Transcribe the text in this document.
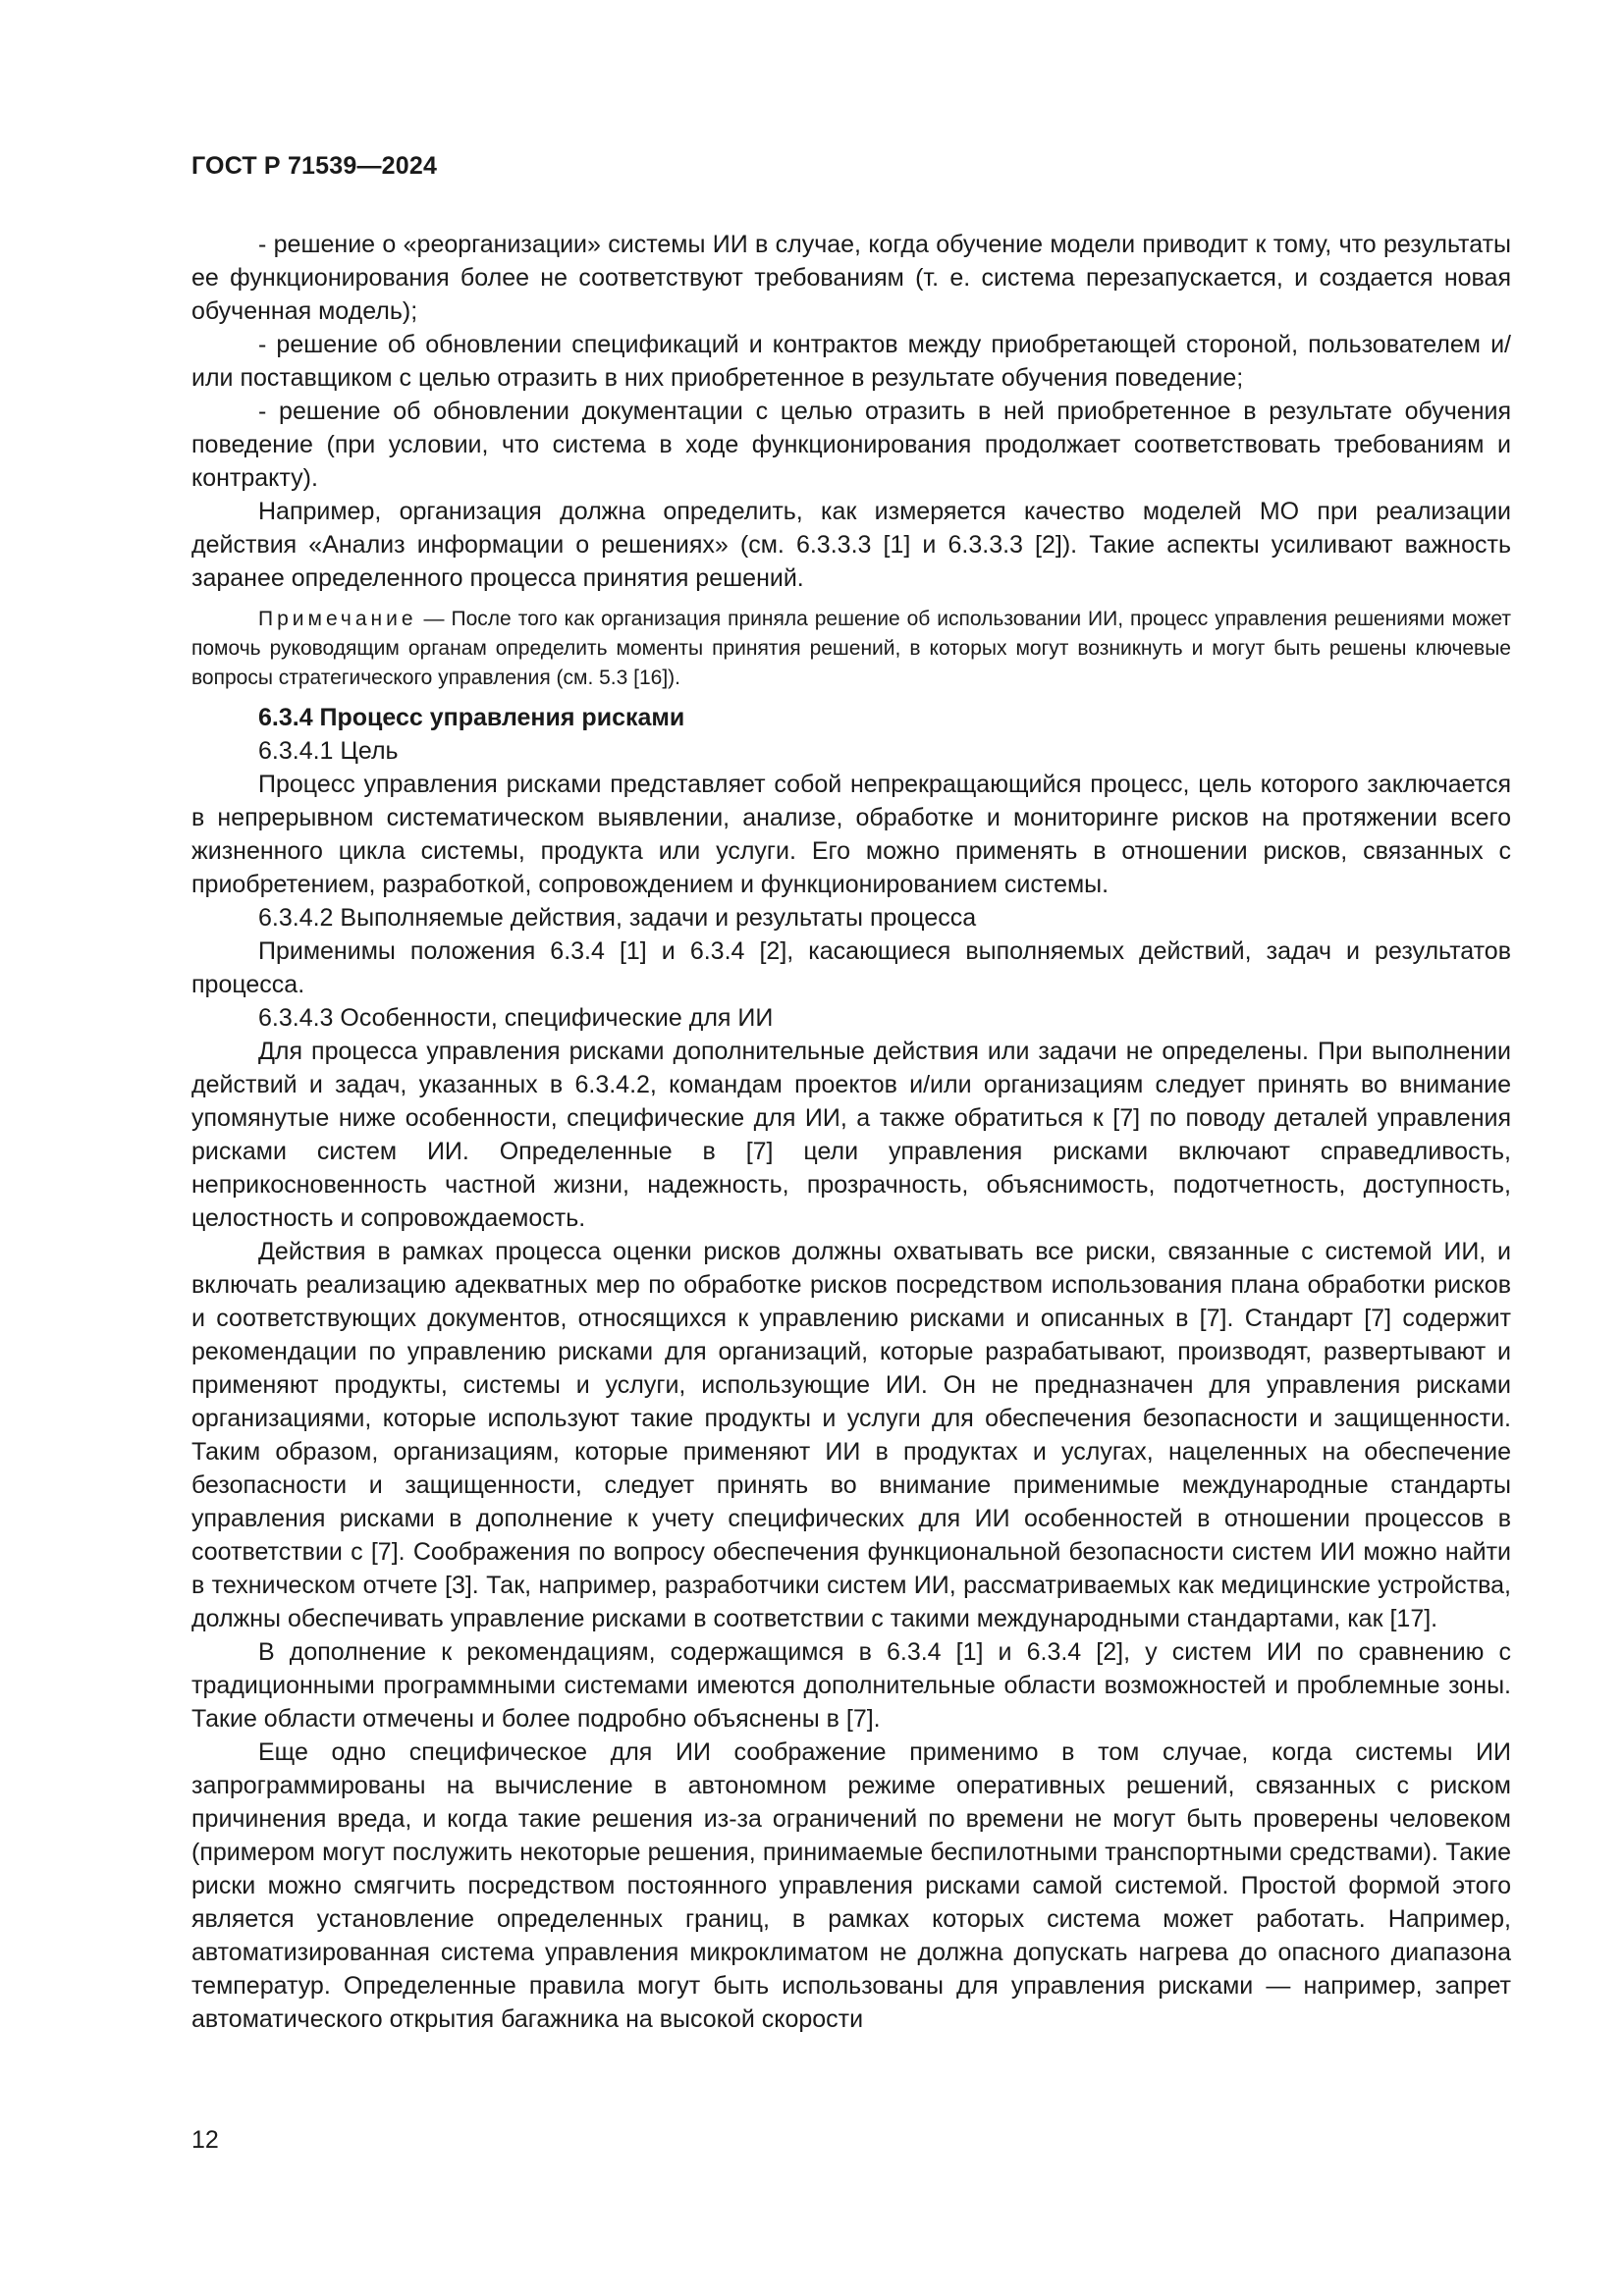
ГОСТ Р 71539—2024

- решение о «реорганизации» системы ИИ в случае, когда обучение модели приводит к тому, что результаты ее функционирования более не соответствуют требованиям (т. е. система перезапускается, и создается новая обученная модель);

- решение об обновлении спецификаций и контрактов между приобретающей стороной, пользователем и/или поставщиком с целью отразить в них приобретенное в результате обучения поведение;

- решение об обновлении документации с целью отразить в ней приобретенное в результате обучения поведение (при условии, что система в ходе функционирования продолжает соответствовать требованиям и контракту).

Например, организация должна определить, как измеряется качество моделей МО при реализации действия «Анализ информации о решениях» (см. 6.3.3.3 [1] и 6.3.3.3 [2]). Такие аспекты усиливают важность заранее определенного процесса принятия решений.

Примечание — После того как организация приняла решение об использовании ИИ, процесс управления решениями может помочь руководящим органам определить моменты принятия решений, в которых могут возникнуть и могут быть решены ключевые вопросы стратегического управления (см. 5.3 [16]).

6.3.4 Процесс управления рисками

6.3.4.1 Цель

Процесс управления рисками представляет собой непрекращающийся процесс, цель которого заключается в непрерывном систематическом выявлении, анализе, обработке и мониторинге рисков на протяжении всего жизненного цикла системы, продукта или услуги. Его можно применять в отношении рисков, связанных с приобретением, разработкой, сопровождением и функционированием системы.

6.3.4.2 Выполняемые действия, задачи и результаты процесса

Применимы положения 6.3.4 [1] и 6.3.4 [2], касающиеся выполняемых действий, задач и результатов процесса.

6.3.4.3 Особенности, специфические для ИИ

Для процесса управления рисками дополнительные действия или задачи не определены. При выполнении действий и задач, указанных в 6.3.4.2, командам проектов и/или организациям следует принять во внимание упомянутые ниже особенности, специфические для ИИ, а также обратиться к [7] по поводу деталей управления рисками систем ИИ. Определенные в [7] цели управления рисками включают справедливость, неприкосновенность частной жизни, надежность, прозрачность, объяснимость, подотчетность, доступность, целостность и сопровождаемость.

Действия в рамках процесса оценки рисков должны охватывать все риски, связанные с системой ИИ, и включать реализацию адекватных мер по обработке рисков посредством использования плана обработки рисков и соответствующих документов, относящихся к управлению рисками и описанных в [7]. Стандарт [7] содержит рекомендации по управлению рисками для организаций, которые разрабатывают, производят, развертывают и применяют продукты, системы и услуги, использующие ИИ. Он не предназначен для управления рисками организациями, которые используют такие продукты и услуги для обеспечения безопасности и защищенности. Таким образом, организациям, которые применяют ИИ в продуктах и услугах, нацеленных на обеспечение безопасности и защищенности, следует принять во внимание применимые международные стандарты управления рисками в дополнение к учету специфических для ИИ особенностей в отношении процессов в соответствии с [7]. Соображения по вопросу обеспечения функциональной безопасности систем ИИ можно найти в техническом отчете [3]. Так, например, разработчики систем ИИ, рассматриваемых как медицинские устройства, должны обеспечивать управление рисками в соответствии с такими международными стандартами, как [17].

В дополнение к рекомендациям, содержащимся в 6.3.4 [1] и 6.3.4 [2], у систем ИИ по сравнению с традиционными программными системами имеются дополнительные области возможностей и проблемные зоны. Такие области отмечены и более подробно объяснены в [7].

Еще одно специфическое для ИИ соображение применимо в том случае, когда системы ИИ запрограммированы на вычисление в автономном режиме оперативных решений, связанных с риском причинения вреда, и когда такие решения из-за ограничений по времени не могут быть проверены человеком (примером могут послужить некоторые решения, принимаемые беспилотными транспортными средствами). Такие риски можно смягчить посредством постоянного управления рисками самой системой. Простой формой этого является установление определенных границ, в рамках которых система может работать. Например, автоматизированная система управления микроклиматом не должна допускать нагрева до опасного диапазона температур. Определенные правила могут быть использованы для управления рисками — например, запрет автоматического открытия багажника на высокой скорости

12
